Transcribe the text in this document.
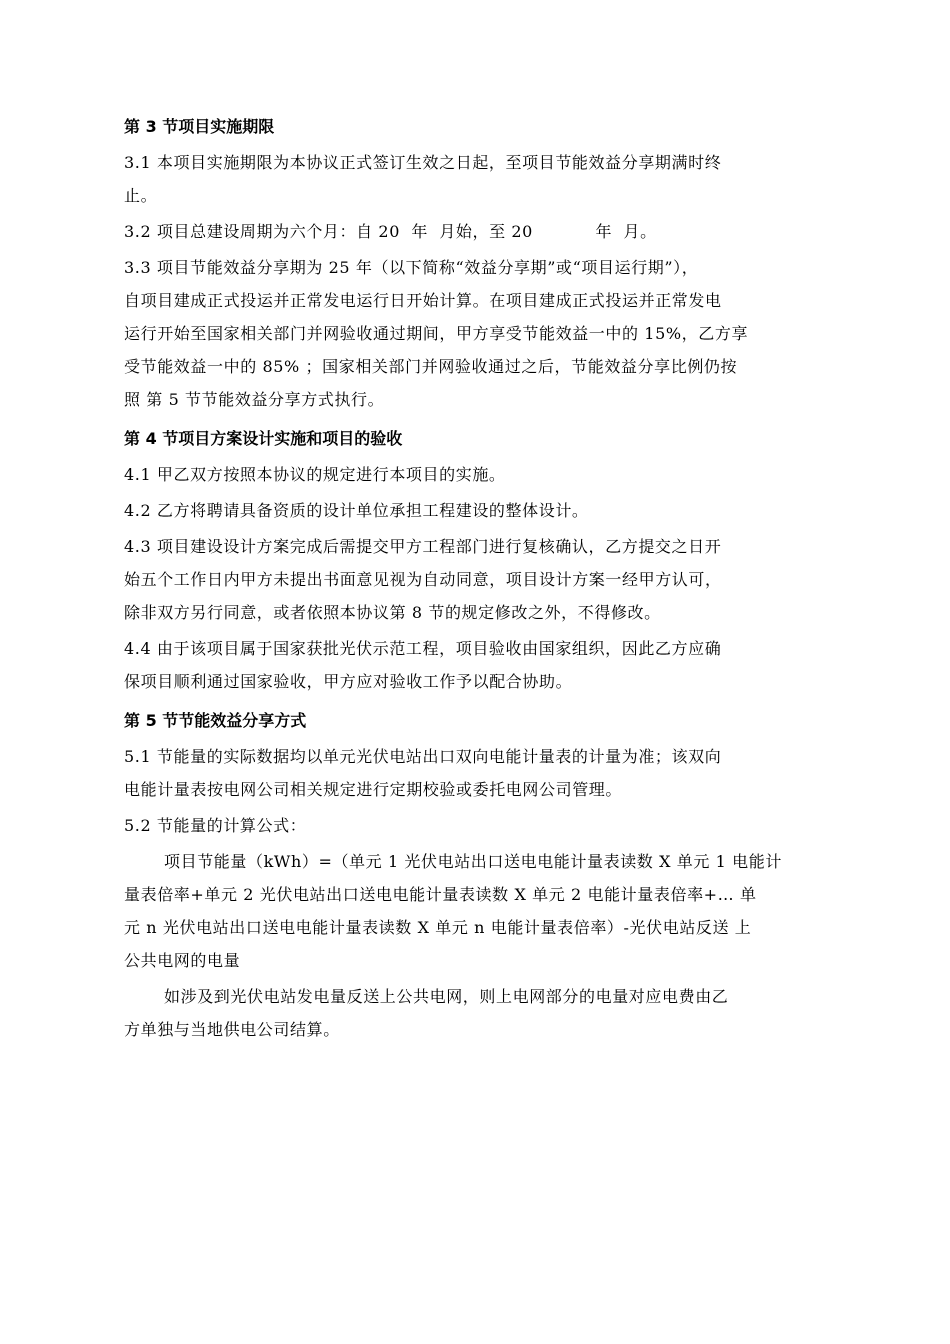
第 3 节项目实施期限
3.1 本项目实施期限为本协议正式签订生效之日起，至项目节能效益分享期满时终
止。
3.2 项目总建设周期为六个月：自 20  年  月始，至 20           年  月。
3.3 项目节能效益分享期为 25 年（以下简称“效益分享期”或“项目运行期”），
自项目建成正式投运并正常发电运行日开始计算。在项目建成正式投运并正常发电
运行开始至国家相关部门并网验收通过期间，甲方享受节能效益一中的 15%，乙方享
受节能效益一中的 85% ；国家相关部门并网验收通过之后，节能效益分享比例仍按
照 第 5 节节能效益分享方式执行。
第 4 节项目方案设计实施和项目的验收
4.1 甲乙双方按照本协议的规定进行本项目的实施。
4.2 乙方将聘请具备资质的设计单位承担工程建设的整体设计。
4.3 项目建设设计方案完成后需提交甲方工程部门进行复核确认，乙方提交之日开
始五个工作日内甲方未提出书面意见视为自动同意，项目设计方案一经甲方认可，
除非双方另行同意，或者依照本协议第 8 节的规定修改之外，不得修改。
4.4 由于该项目属于国家获批光伏示范工程，项目验收由国家组织，因此乙方应确
保项目顺利通过国家验收，甲方应对验收工作予以配合协助。
第 5 节节能效益分享方式
5.1 节能量的实际数据均以单元光伏电站出口双向电能计量表的计量为准；该双向
电能计量表按电网公司相关规定进行定期校验或委托电网公司管理。
5.2 节能量的计算公式：
项目节能量（kWh）=（单元 1 光伏电站出口送电电能计量表读数 X 单元 1 电能计
量表倍率+单元 2 光伏电站出口送电电能计量表读数 X 单元 2 电能计量表倍率+… 单
元 n 光伏电站出口送电电能计量表读数 X 单元 n 电能计量表倍率）-光伏电站反送 上
公共电网的电量
如涉及到光伏电站发电量反送上公共电网，则上电网部分的电量对应电费由乙
方单独与当地供电公司结算。
